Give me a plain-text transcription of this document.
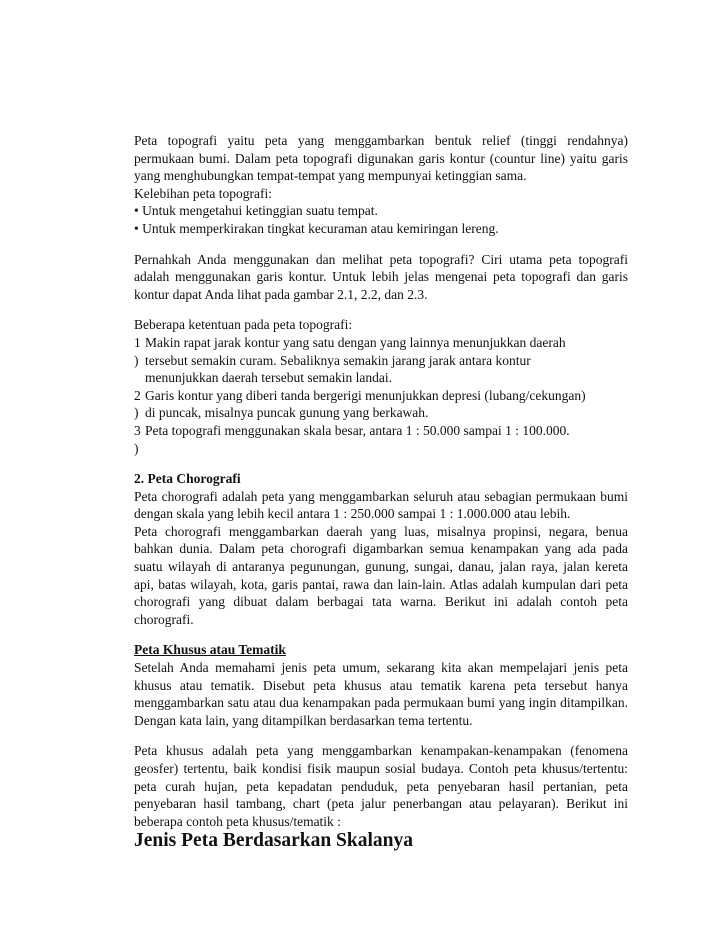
Peta topografi yaitu peta yang menggambarkan bentuk relief (tinggi rendahnya) permukaan bumi. Dalam peta topografi digunakan garis kontur (countur line) yaitu garis yang menghubungkan tempat-tempat yang mempunyai ketinggian sama.

Kelebihan peta topografi:

• Untuk mengetahui ketinggian suatu tempat.

• Untuk memperkirakan tingkat kecuraman atau kemiringan lereng.

Pernahkah Anda menggunakan dan melihat peta topografi? Ciri utama peta topografi adalah menggunakan garis kontur. Untuk lebih jelas mengenai peta topografi dan garis kontur dapat Anda lihat pada gambar 2.1, 2.2, dan 2.3.

Beberapa ketentuan pada peta topografi:

1 Makin rapat jarak kontur yang satu dengan yang lainnya menunjukkan daerah
) tersebut semakin curam. Sebaliknya semakin jarang jarak antara kontur
menunjukkan daerah tersebut semakin landai.
2 Garis kontur yang diberi tanda bergerigi menunjukkan depresi (lubang/cekungan)
) di puncak, misalnya puncak gunung yang berkawah.
3 Peta topografi menggunakan skala besar, antara 1 : 50.000 sampai 1 : 100.000.
)

2. Peta Chorografi

Peta chorografi adalah peta yang menggambarkan seluruh atau sebagian permukaan bumi dengan skala yang lebih kecil antara 1 : 250.000 sampai 1 : 1.000.000 atau lebih.

Peta chorografi menggambarkan daerah yang luas, misalnya propinsi, negara, benua bahkan dunia. Dalam peta chorografi digambarkan semua kenampakan yang ada pada suatu wilayah di antaranya pegunungan, gunung, sungai, danau, jalan raya, jalan kereta api, batas wilayah, kota, garis pantai, rawa dan lain-lain. Atlas adalah kumpulan dari peta chorografi yang dibuat dalam berbagai tata warna. Berikut ini adalah contoh peta chorografi.

Peta Khusus atau Tematik

Setelah Anda memahami jenis peta umum, sekarang kita akan mempelajari jenis peta khusus atau tematik. Disebut peta khusus atau tematik karena peta tersebut hanya menggambarkan satu atau dua kenampakan pada permukaan bumi yang ingin ditampilkan. Dengan kata lain, yang ditampilkan berdasarkan tema tertentu.

Peta khusus adalah peta yang menggambarkan kenampakan-kenampakan (fenomena geosfer) tertentu, baik kondisi fisik maupun sosial budaya. Contoh peta khusus/tertentu: peta curah hujan, peta kepadatan penduduk, peta penyebaran hasil pertanian, peta penyebaran hasil tambang, chart (peta jalur penerbangan atau pelayaran). Berikut ini beberapa contoh peta khusus/tematik :

Jenis Peta Berdasarkan Skalanya
